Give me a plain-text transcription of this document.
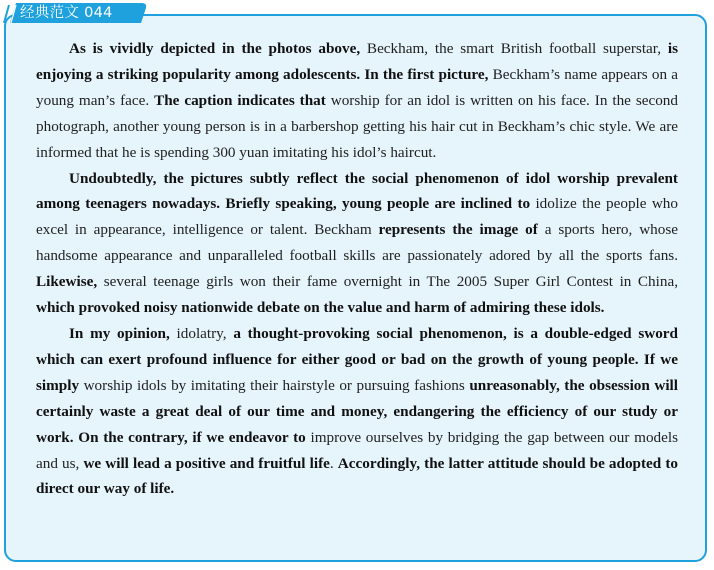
经典范文 044

As is vividly depicted in the photos above, Beckham, the smart British football superstar, is enjoying a striking popularity among adolescents. In the first picture, Beckham’s name appears on a young man’s face. The caption indicates that worship for an idol is written on his face. In the second photograph, another young person is in a barbershop getting his hair cut in Beckham’s chic style. We are informed that he is spending 300 yuan imitating his idol’s haircut.

Undoubtedly, the pictures subtly reflect the social phenomenon of idol worship prevalent among teenagers nowadays. Briefly speaking, young people are inclined to idolize the people who excel in appearance, intelligence or talent. Beckham represents the image of a sports hero, whose handsome appearance and unparalleled football skills are passionately adored by all the sports fans. Likewise, several teenage girls won their fame overnight in The 2005 Super Girl Contest in China, which provoked noisy nationwide debate on the value and harm of admiring these idols.

In my opinion, idolatry, a thought-provoking social phenomenon, is a double-edged sword which can exert profound influence for either good or bad on the growth of young people. If we simply worship idols by imitating their hairstyle or pursuing fashions unreasonably, the obsession will certainly waste a great deal of our time and money, endangering the efficiency of our study or work. On the contrary, if we endeavor to improve ourselves by bridging the gap between our models and us, we will lead a positive and fruitful life. Accordingly, the latter attitude should be adopted to direct our way of life.
